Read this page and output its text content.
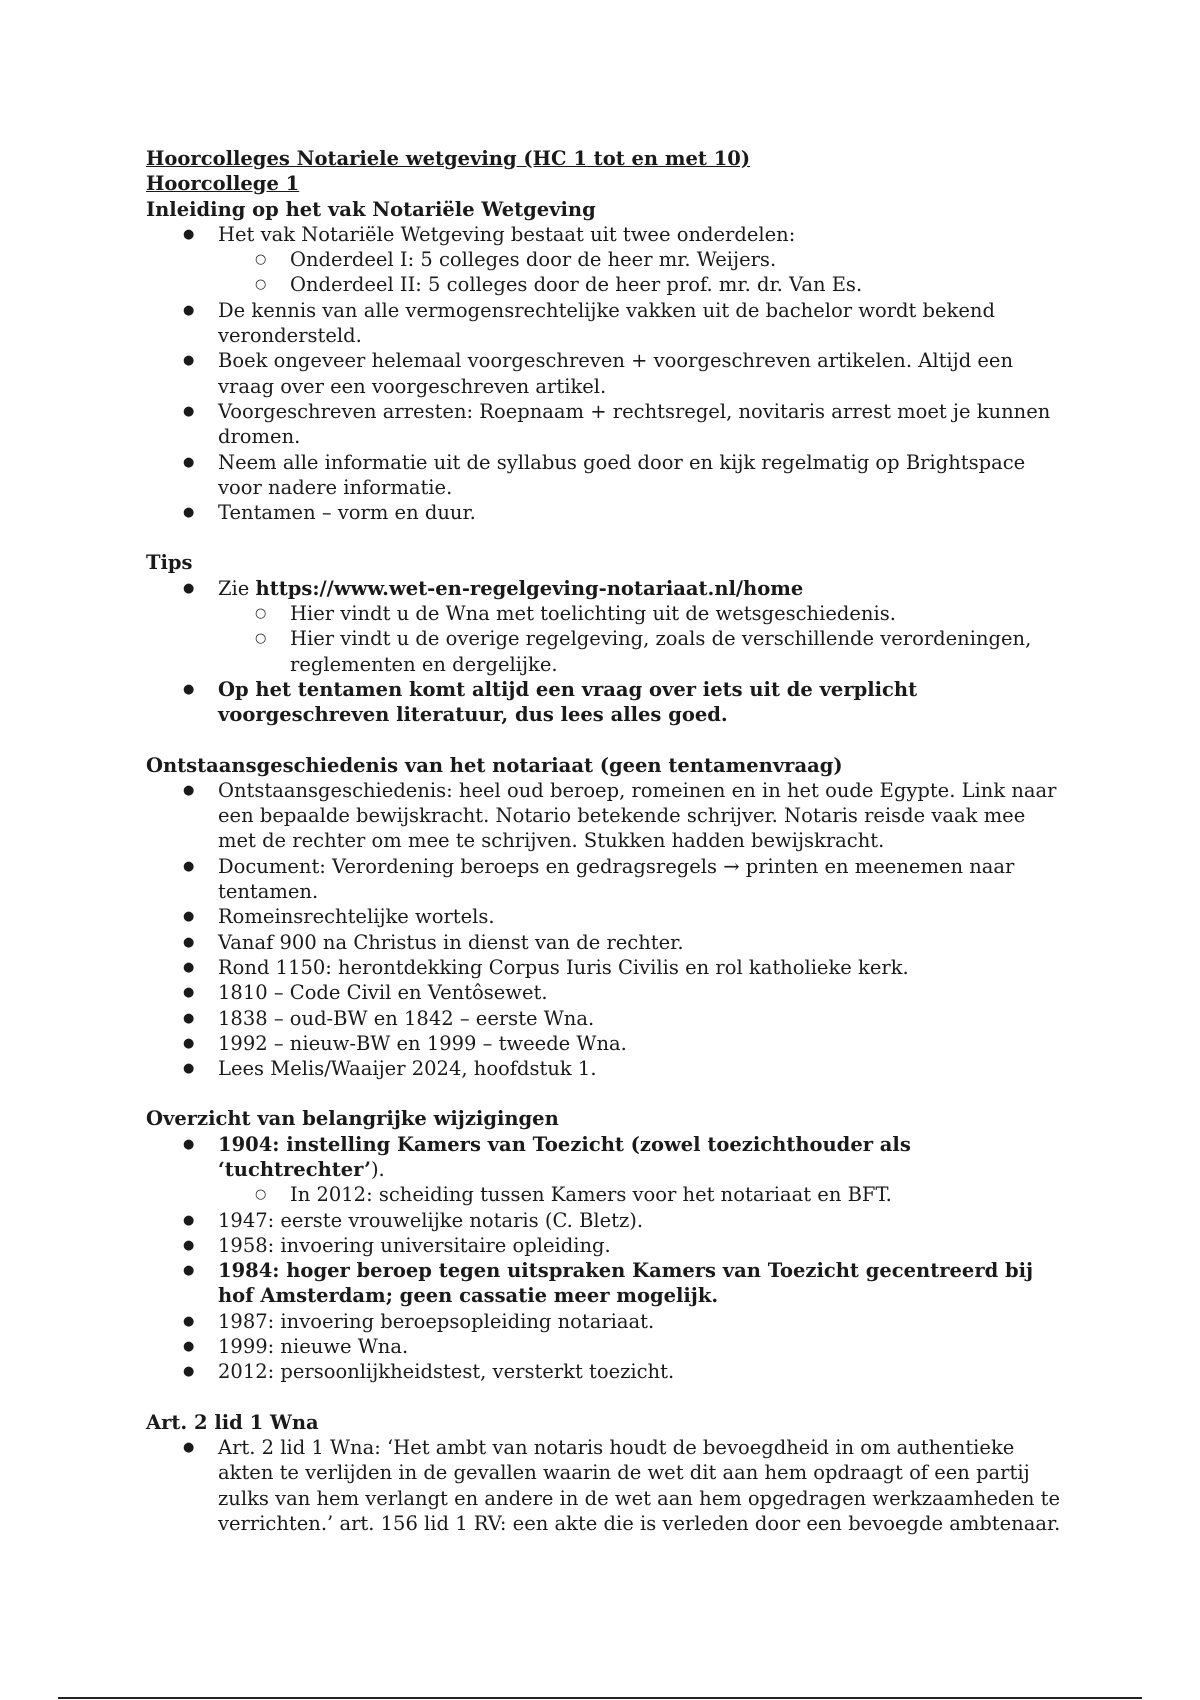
Hoorcolleges Notariele wetgeving (HC 1 tot en met 10)
Hoorcollege 1
Inleiding op het vak Notariële Wetgeving
● Het vak Notariële Wetgeving bestaat uit twee onderdelen:
○ Onderdeel I: 5 colleges door de heer mr. Weijers.
○ Onderdeel II: 5 colleges door de heer prof. mr. dr. Van Es.
● De kennis van alle vermogensrechtelijke vakken uit de bachelor wordt bekend verondersteld.
● Boek ongeveer helemaal voorgeschreven + voorgeschreven artikelen. Altijd een vraag over een voorgeschreven artikel.
● Voorgeschreven arresten: Roepnaam + rechtsregel, novitaris arrest moet je kunnen dromen.
● Neem alle informatie uit de syllabus goed door en kijk regelmatig op Brightspace voor nadere informatie.
● Tentamen – vorm en duur.
Tips
● Zie https://www.wet-en-regelgeving-notariaat.nl/home
○ Hier vindt u de Wna met toelichting uit de wetsgeschiedenis.
○ Hier vindt u de overige regelgeving, zoals de verschillende verordeningen, reglementen en dergelijke.
● Op het tentamen komt altijd een vraag over iets uit de verplicht voorgeschreven literatuur, dus lees alles goed.
Ontstaansgeschiedenis van het notariaat (geen tentamenvraag)
● Ontstaansgeschiedenis: heel oud beroep, romeinen en in het oude Egypte. Link naar een bepaalde bewijskracht. Notario betekende schrijver. Notaris reisde vaak mee met de rechter om mee te schrijven. Stukken hadden bewijskracht.
● Document: Verordening beroeps en gedragsregels → printen en meenemen naar tentamen.
● Romeinsrechtelijke wortels.
● Vanaf 900 na Christus in dienst van de rechter.
● Rond 1150: herontdekking Corpus Iuris Civilis en rol katholieke kerk.
● 1810 – Code Civil en Ventôsewet.
● 1838 – oud-BW en 1842 – eerste Wna.
● 1992 – nieuw-BW en 1999 – tweede Wna.
● Lees Melis/Waaijer 2024, hoofdstuk 1.
Overzicht van belangrijke wijzigingen
● 1904: instelling Kamers van Toezicht (zowel toezichthouder als ‘tuchtrechter’).
○ In 2012: scheiding tussen Kamers voor het notariaat en BFT.
● 1947: eerste vrouwelijke notaris (C. Bletz).
● 1958: invoering universitaire opleiding.
● 1984: hoger beroep tegen uitspraken Kamers van Toezicht gecentreerd bij hof Amsterdam; geen cassatie meer mogelijk.
● 1987: invoering beroepsopleiding notariaat.
● 1999: nieuwe Wna.
● 2012: persoonlijkheidstest, versterkt toezicht.
Art. 2 lid 1 Wna
● Art. 2 lid 1 Wna: ‘Het ambt van notaris houdt de bevoegdheid in om authentieke akten te verlijden in de gevallen waarin de wet dit aan hem opdraagt of een partij zulks van hem verlangt en andere in de wet aan hem opgedragen werkzaamheden te verrichten.’ art. 156 lid 1 RV: een akte die is verleden door een bevoegde ambtenaar.
